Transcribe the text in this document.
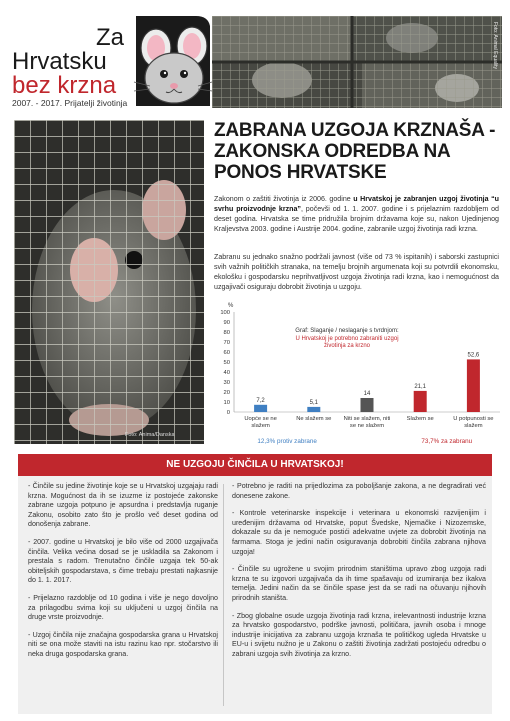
Za
Hrvatsku
bez krzna
2007. - 2017. Prijatelji životinja
Foto: Animal Equality
Foto: Anima/Danska
ZABRANA UZGOJA KRZNAŠA - ZAKONSKA ODREDBA NA PONOS HRVATSKE

Zakonom o zaštiti životinja iz 2006. godine u Hrvatskoj je zabranjen uzgoj životinja “u svrhu proizvodnje krzna”, počevši od 1. 1. 2007. godine i s prijelaznim razdobljem od deset godina. Hrvatska se time pridružila brojnim državama koje su, nakon Ujedinjenog Kraljevstva 2003. godine i Austrije 2004. godine, zabranile uzgoj životinja radi krzna.

Zabranu su jednako snažno podržali javnost (više od 73 % ispitanih) i saborski zastupnici svih važnih političkih stranaka, na temelju brojnih argumenata koji su potvrdili ekonomsku, ekološku i gospodarsku neprihvatljivost uzgoja životinja radi krzna, kao i nemogućnost da uzgajivači osiguraju dobrobit životinja u uzgoju.

%
0
10
20
30
40
50
60
70
80
90
100
7,2	5,1
14
21,1
52,6
Graf: Slaganje / neslaganje s tvrdnjom:
U Hrvatskoj je potrebno zabraniti uzgoj životinja za krzno
Uopće se ne slažem
Ne slažem se	Niti se slažem, niti se ne slažem
Slažem se	U potpunosti se slažem
12,3% protiv zabrane	73,7% za zabranu
NE UZGOJU ČINČILA U HRVATSKOJ!

- Činčile su jedine životinje koje se u Hrvatskoj uzgajaju radi krzna. Mogućnost da ih se izuzme iz postojeće zakonske zabrane uzgoja potpuno je apsurdna i predstavlja ruganje Zakonu, osobito zato što je prošlo več deset godina od donošenja zabrane.

- 2007. godine u Hrvatskoj je bilo više od 2000 uzgajivača činčila. Velika većina dosad se je uskladila sa Zakonom i prestala s radom. Trenutačno činčile uzgaja tek 50-ak obiteljskih gospodarstava, s čime trebaju prestati najkasnije do 1. 1. 2017.

- Prijelazno razdoblje od 10 godina i više je nego dovoljno za prilagodbu svima koji su uključeni u uzgoj činčila na druge vrste proizvodnje.

- Uzgoj činčila nije značajna gospodarska grana u Hrvatskoj niti se ona može staviti na istu razinu kao npr. stočarstvo ili neka druga gospodarska grana.

- Potrebno je raditi na prijedlozima za poboljšanje zakona, a ne degradirati već donesene zakone.

- Kontrole veterinarske inspekcije i veterinara u ekonomski razvijenijim i uređenijim državama od Hrvatske, poput Švedske, Njemačke i Nizozemske, dokazale su da je nemoguće postići adekvatne uvjete za dobrobit životinja na farmama. Stoga je jedini način osiguravanja dobrobiti činčila zabrana njihova uzgoja!

- Činčile su ugrožene u svojim prirodnim staništima upravo zbog uzgoja radi krzna te su izgovori uzgajivača da ih time spašavaju od izumiranja bez ikakva temelja. Jedini način da se činčile spase jest da se radi na očuvanju njihovih prirodnih staništa.

- Zbog globalne osude uzgoja životinja radi krzna, irelevantnosti industrije krzna za hrvatsko gospodarstvo, podrške javnosti, političara, javnih osoba i mnoge industrije inicijativa za zabranu uzgoja krznaša te političkog ugleda Hrvatske u EU-u i svijetu nužno je u Zakonu o zaštiti životinja zadržati postojeću odredbu o zabrani uzgoja svih životinja za krzno.
